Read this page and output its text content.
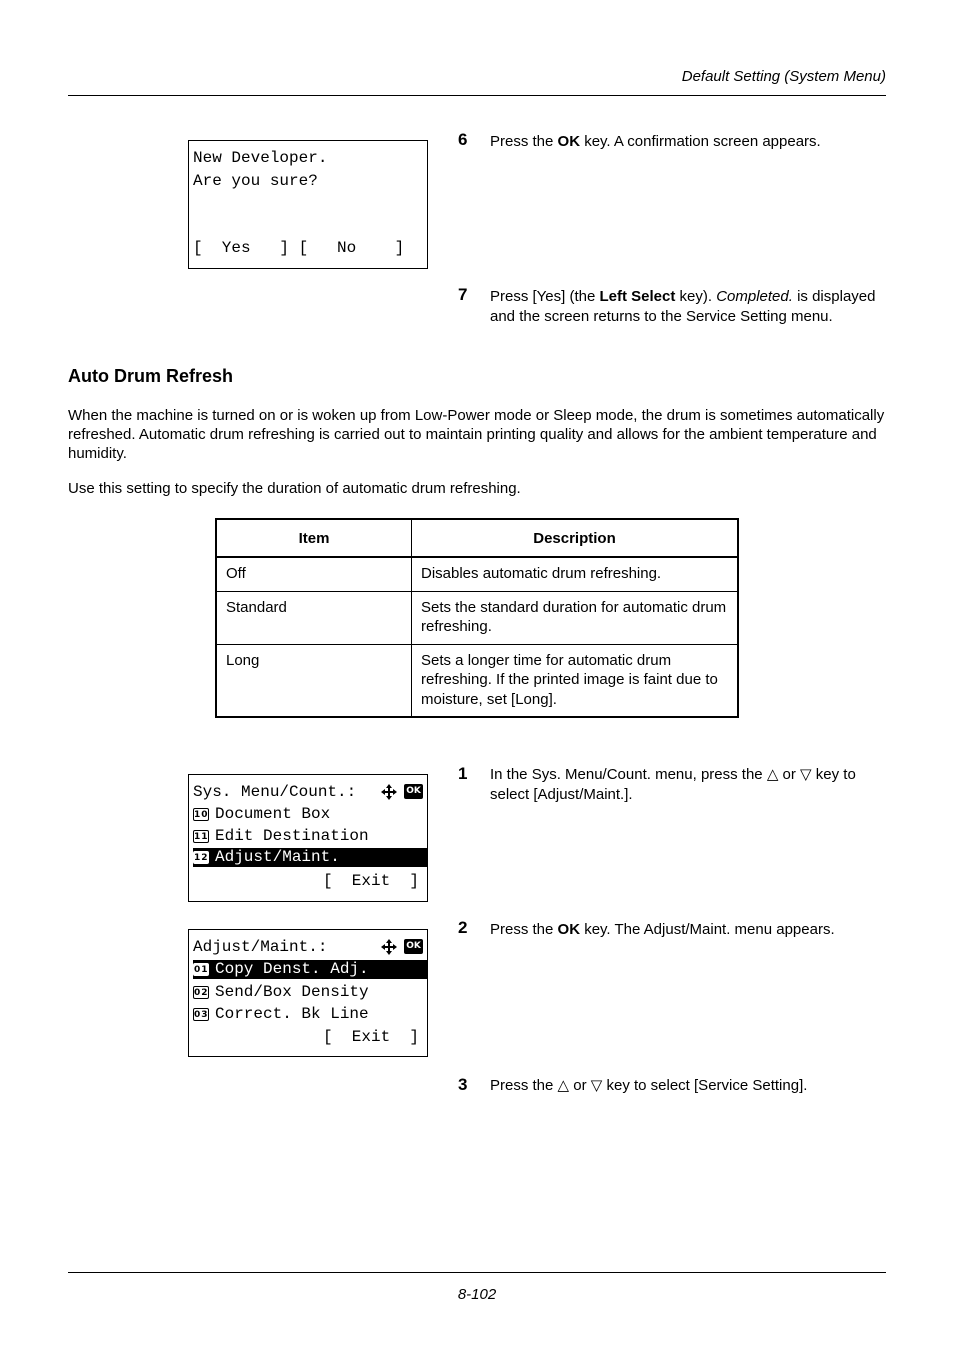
Default Setting (System Menu)
New Developer.
Are you sure?
[  Yes   ] [   No    ]
6	Press the OK key. A confirmation screen appears.
7	Press [Yes] (the Left Select key). Completed. is displayed and the screen returns to the Service Setting menu.
Auto Drum Refresh
When the machine is turned on or is woken up from Low-Power mode or Sleep mode, the drum is sometimes automatically refreshed. Automatic drum refreshing is carried out to maintain printing quality and allows for the ambient temperature and humidity.
Use this setting to specify the duration of automatic drum refreshing.
Item	Description
Off	Disables automatic drum refreshing.
Standard	Sets the standard duration for automatic drum refreshing.
Long	Sets a longer time for automatic drum refreshing. If the printed image is faint due to moisture, set [Long].
Sys. Menu/Count.:	OK
10 Document Box
11 Edit Destination
12 Adjust/Maint.
[  Exit  ]
Adjust/Maint.:	OK
01 Copy Denst. Adj.
02 Send/Box Density
03 Correct. Bk Line
[  Exit  ]
1	In the Sys. Menu/Count. menu, press the △ or ▽ key to select [Adjust/Maint.].
2	Press the OK key. The Adjust/Maint. menu appears.
3	Press the △ or ▽ key to select [Service Setting].
8-102
